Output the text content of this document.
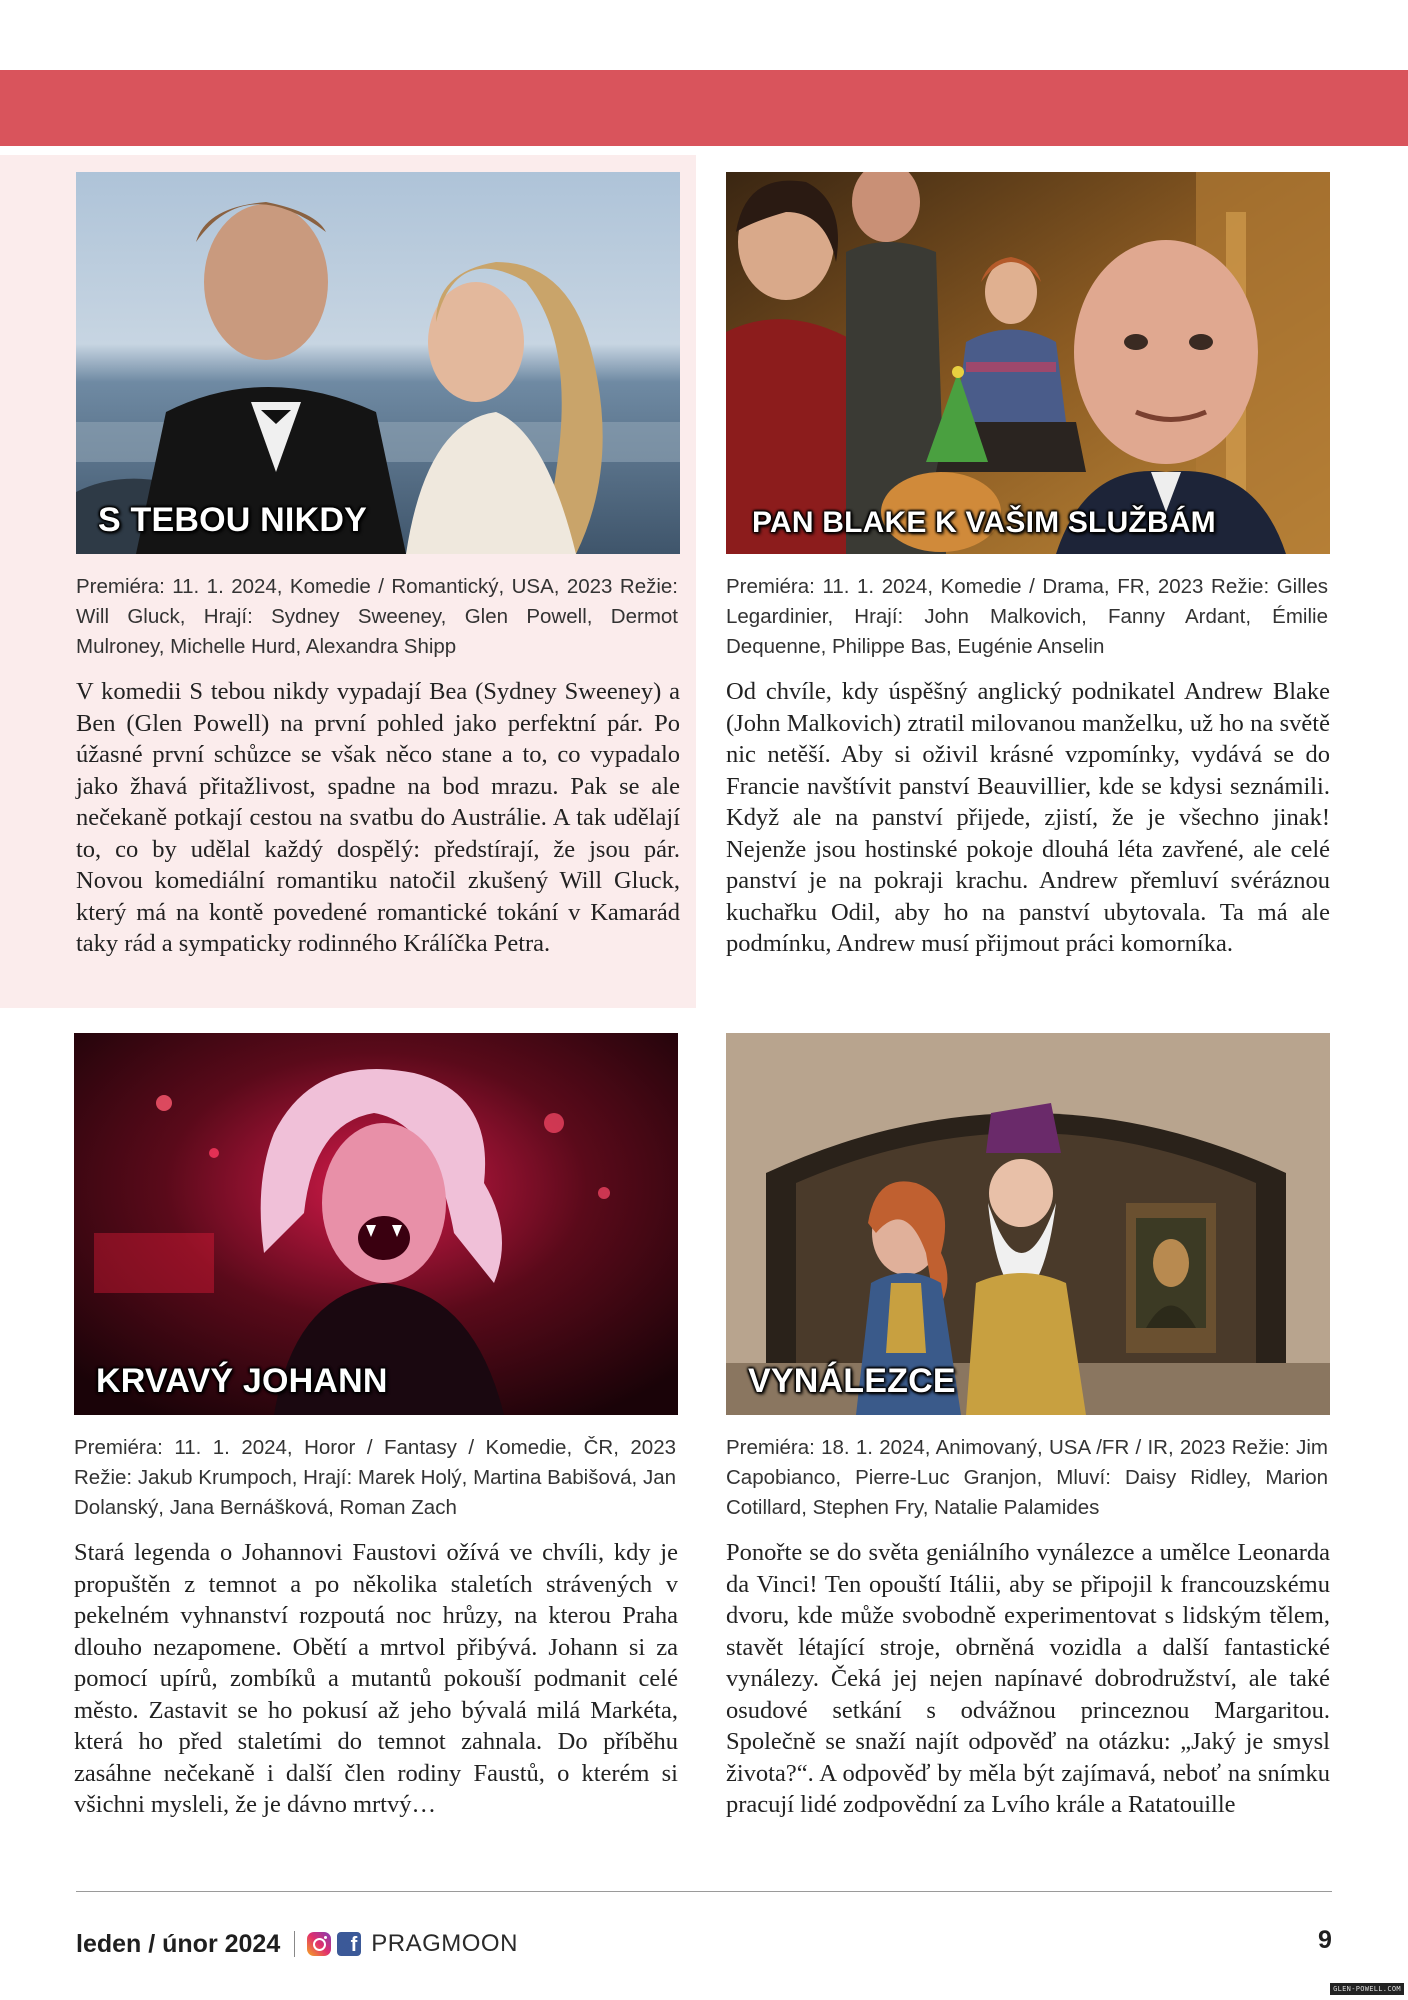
S TEBOU NIKDY

Premiéra: 11. 1. 2024, Komedie / Romantický, USA, 2023 Režie: Will Gluck, Hrají: Sydney Sweeney, Glen Powell, Dermot Mulroney, Michelle Hurd, Alexandra Shipp

V komedii S tebou nikdy vypadají Bea (Sydney Sweeney) a Ben (Glen Powell) na první pohled jako perfektní pár. Po úžasné první schůzce se však něco stane a to, co vypadalo jako žhavá přitažlivost, spadne na bod mrazu. Pak se ale nečekaně potkají cestou na svatbu do Austrálie. A tak udělají to, co by udělal každý dospělý: předstírají, že jsou pár. Novou komediální romantiku natočil zkušený Will Gluck, který má na kontě povedené romantické tokání v Kamarád taky rád a sympaticky rodinného Králíčka Petra.

PAN BLAKE K VAŠIM SLUŽBÁM

Premiéra: 11. 1. 2024, Komedie / Drama, FR, 2023 Režie: Gilles Legardinier, Hrají: John Malkovich, Fanny Ardant, Émilie Dequenne, Philippe Bas, Eugénie Anselin

Od chvíle, kdy úspěšný anglický podnikatel Andrew Blake (John Malkovich) ztratil milovanou manželku, už ho na světě nic netěší. Aby si oživil krásné vzpomínky, vydává se do Francie navštívit panství Beauvillier, kde se kdysi seznámili. Když ale na panství přijede, zjistí, že je všechno jinak! Nejenže jsou hostinské pokoje dlouhá léta zavřené, ale celé panství je na pokraji krachu. Andrew přemluví svéráznou kuchařku Odil, aby ho na panství ubytovala. Ta má ale podmínku, Andrew musí přijmout práci komorníka.

KRVAVÝ JOHANN

Premiéra: 11. 1. 2024, Horor / Fantasy / Komedie, ČR, 2023 Režie: Jakub Krumpoch, Hrají: Marek Holý, Martina Babišová, Jan Dolanský, Jana Bernášková, Roman Zach

Stará legenda o Johannovi Faustovi ožívá ve chvíli, kdy je propuštěn z temnot a po několika staletích strávených v pekelném vyhnanství rozpoutá noc hrůzy, na kterou Praha dlouho nezapomene. Obětí a mrtvol přibývá. Johann si za pomocí upírů, zombíků a mutantů pokouší podmanit celé město. Zastavit se ho pokusí až jeho bývalá milá Markéta, která ho před staletími do temnot zahnala. Do příběhu zasáhne nečekaně i další člen rodiny Faustů, o kterém si všichni mysleli, že je dávno mrtvý…

VYNÁLEZCE

Premiéra: 18. 1. 2024, Animovaný, USA /FR / IR, 2023 Režie: Jim Capobianco, Pierre-Luc Granjon, Mluví: Daisy Ridley, Marion Cotillard, Stephen Fry, Natalie Palamides

Ponořte se do světa geniálního vynálezce a umělce Leonarda da Vinci! Ten opouští Itálii, aby se připojil k francouzskému dvoru, kde může svobodně experimentovat s lidským tělem, stavět létající stroje, obrněná vozidla a další fantastické vynálezy. Čeká jej nejen napínavé dobrodružství, ale také osudové setkání s odvážnou princeznou Margaritou. Společně se snaží najít odpověď na otázku: „Jaký je smysl života?“. A odpověď by měla být zajímavá, neboť na snímku pracují lidé zodpovědní za Lvího krále a Ratatouille

leden / únor 2024	f PRAGMOON	9
GLEN-POWELL.COM
